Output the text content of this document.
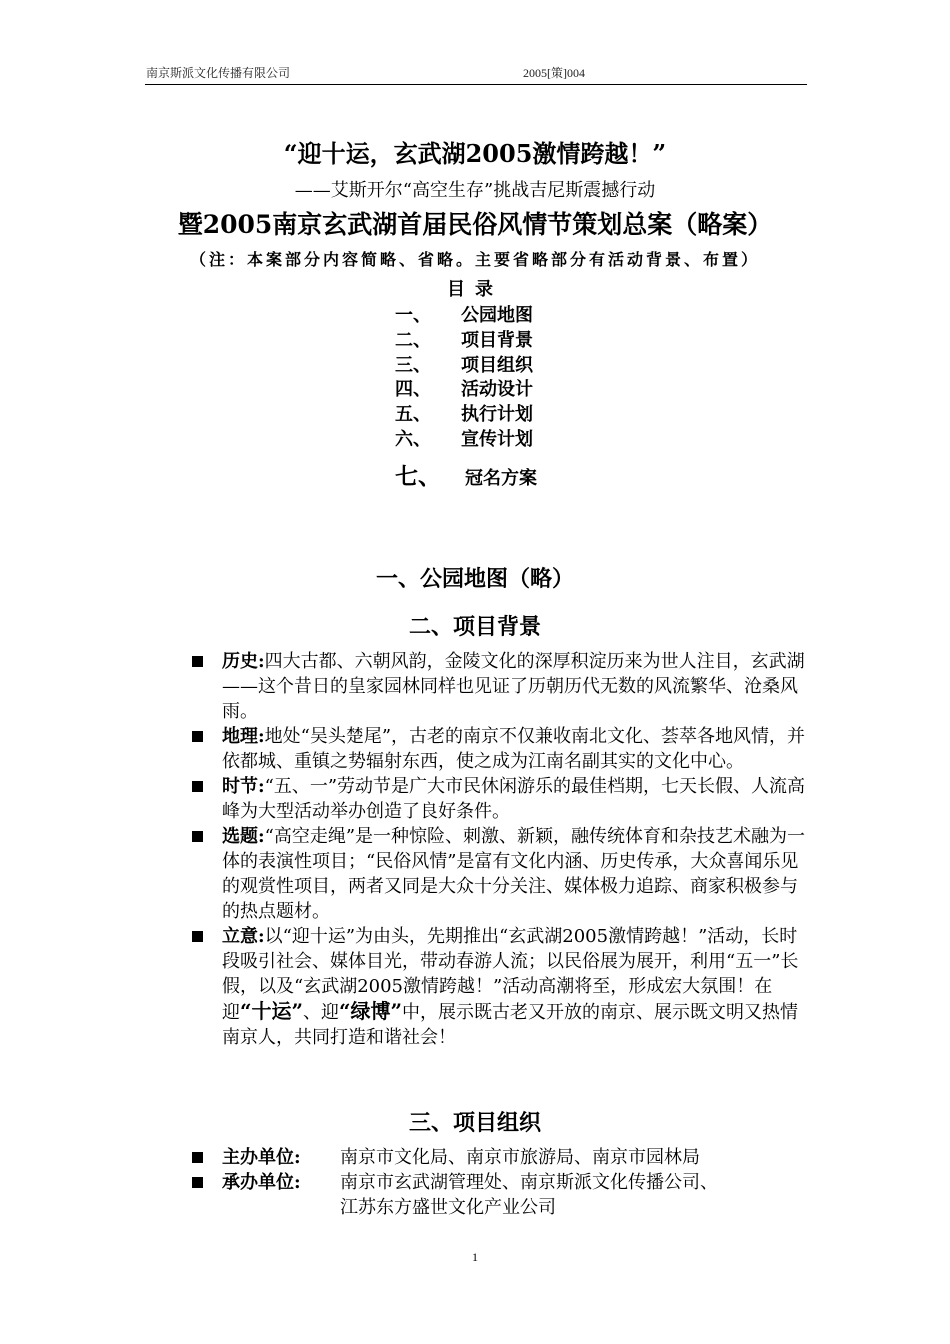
南京斯派文化传播有限公司	2005[策]004
“迎十运，玄武湖2005激情跨越！”
——艾斯开尔“高空生存”挑战吉尼斯震撼行动
暨2005南京玄武湖首届民俗风情节策划总案（略案）
（注：本案部分内容简略、省略。主要省略部分有活动背景、布置）
目录
一、 公园地图
二、 项目背景
三、 项目组织
四、 活动设计
五、 执行计划
六、 宣传计划
七、 冠名方案
一、公园地图（略）
二、项目背景
历史:四大古都、六朝风韵，金陵文化的深厚积淀历来为世人注目，玄武湖——这个昔日的皇家园林同样也见证了历朝历代无数的风流繁华、沧桑风雨。
地理:地处“吴头楚尾”，古老的南京不仅兼收南北文化、荟萃各地风情，并依都城、重镇之势辐射东西，使之成为江南名副其实的文化中心。
时节:“五、一”劳动节是广大市民休闲游乐的最佳档期，七天长假、人流高峰为大型活动举办创造了良好条件。
选题:“高空走绳”是一种惊险、刺激、新颖，融传统体育和杂技艺术融为一体的表演性项目；“民俗风情”是富有文化内涵、历史传承，大众喜闻乐见的观赏性项目，两者又同是大众十分关注、媒体极力追踪、商家积极参与的热点题材。
立意:以“迎十运”为由头，先期推出“玄武湖2005激情跨越！”活动，长时段吸引社会、媒体目光，带动春游人流；以民俗展为展开，利用“五一”长假，以及“玄武湖2005激情跨越！”活动高潮将至，形成宏大氛围！在迎“十运”、迎“绿博”中，展示既古老又开放的南京、展示既文明又热情南京人，共同打造和谐社会！
三、项目组织
主办单位: 南京市文化局、南京市旅游局、南京市园林局
承办单位: 南京市玄武湖管理处、南京斯派文化传播公司、
江苏东方盛世文化产业公司
1
